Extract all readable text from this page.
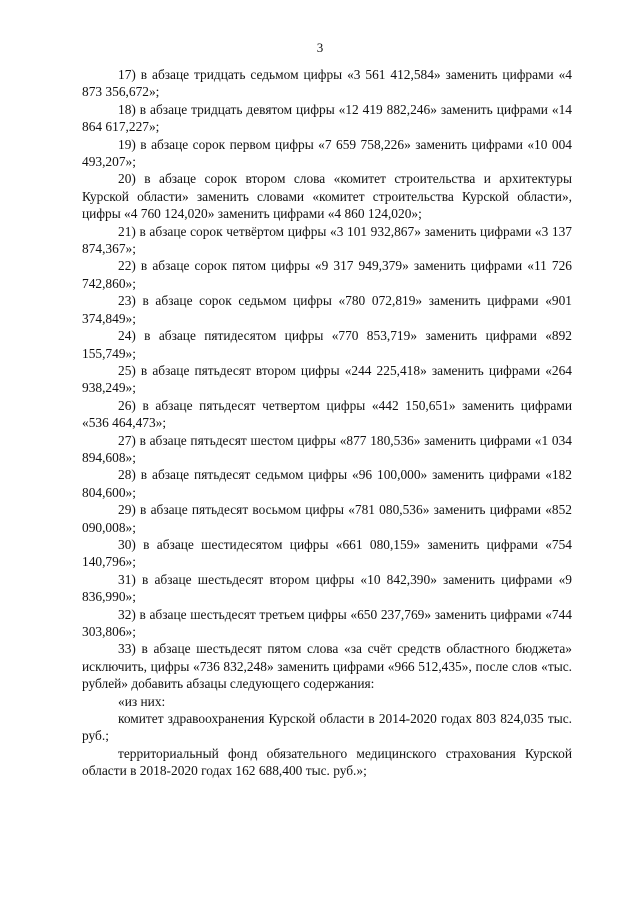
3

17) в абзаце тридцать седьмом цифры «3 561 412,584» заменить цифрами «4 873 356,672»;

18) в абзаце тридцать девятом цифры «12 419 882,246» заменить цифрами «14 864 617,227»;

19) в абзаце сорок первом цифры «7 659 758,226» заменить цифрами «10 004 493,207»;

20) в абзаце сорок втором слова «комитет строительства и архитектуры Курской области» заменить словами «комитет строительства Курской области», цифры «4 760 124,020» заменить цифрами «4 860 124,020»;

21) в абзаце сорок четвёртом цифры «3 101 932,867» заменить цифрами «3 137 874,367»;

22) в абзаце сорок пятом цифры «9 317 949,379» заменить цифрами «11 726 742,860»;

23) в абзаце сорок седьмом цифры «780 072,819» заменить цифрами «901 374,849»;

24) в абзаце пятидесятом цифры «770 853,719» заменить цифрами «892 155,749»;

25) в абзаце пятьдесят втором цифры «244 225,418» заменить цифрами «264 938,249»;

26) в абзаце пятьдесят четвертом цифры «442 150,651» заменить цифрами «536 464,473»;

27) в абзаце пятьдесят шестом цифры «877 180,536» заменить цифрами «1 034 894,608»;

28) в абзаце пятьдесят седьмом цифры «96 100,000» заменить цифрами «182 804,600»;

29) в абзаце пятьдесят восьмом цифры «781 080,536» заменить цифрами «852 090,008»;

30) в абзаце шестидесятом цифры «661 080,159» заменить цифрами «754 140,796»;

31) в абзаце шестьдесят втором цифры «10 842,390» заменить цифрами «9 836,990»;

32) в абзаце шестьдесят третьем цифры «650 237,769» заменить цифрами «744 303,806»;

33) в абзаце шестьдесят пятом слова «за счёт средств областного бюджета» исключить, цифры «736 832,248» заменить цифрами «966 512,435», после слов «тыс. рублей» добавить абзацы следующего содержания:

«из них:

комитет здравоохранения Курской области в 2014-2020 годах 803 824,035 тыс. руб.;

территориальный фонд обязательного медицинского страхования Курской области в 2018-2020 годах 162 688,400 тыс. руб.»;
